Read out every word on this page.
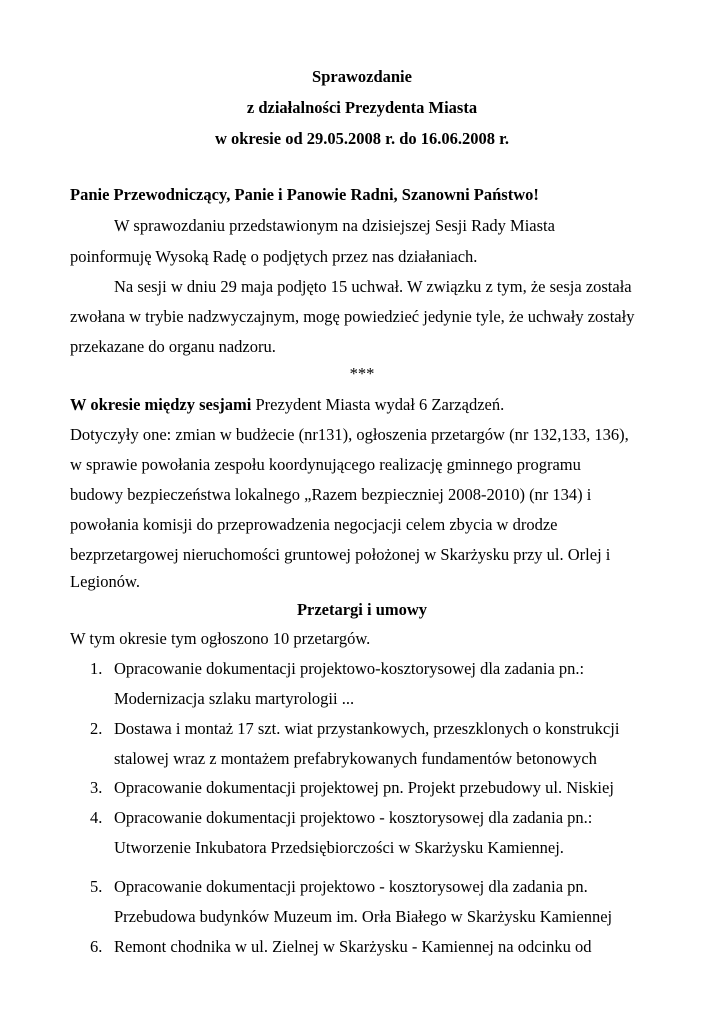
Sprawozdanie
z działalności Prezydenta Miasta
w okresie od 29.05.2008 r. do 16.06.2008 r.
Panie Przewodniczący, Panie i Panowie Radni, Szanowni Państwo!
W sprawozdaniu przedstawionym na dzisiejszej Sesji Rady Miasta
poinformuję Wysoką Radę o podjętych przez nas działaniach.
Na sesji w dniu 29 maja podjęto 15 uchwał. W związku z tym, że sesja została
zwołana w trybie nadzwyczajnym, mogę powiedzieć jedynie tyle, że uchwały zostały
przekazane do organu nadzoru.
***
W okresie między sesjami Prezydent Miasta wydał 6 Zarządzeń.
Dotyczyły one: zmian w budżecie (nr131), ogłoszenia przetargów (nr 132,133, 136),
w sprawie powołania zespołu koordynującego realizację gminnego programu
budowy bezpieczeństwa lokalnego „Razem bezpieczniej 2008-2010) (nr 134) i
powołania komisji do przeprowadzenia negocjacji celem zbycia w drodze
bezprzetargowej nieruchomości gruntowej położonej w Skarżysku przy ul. Orlej i
Legionów.
Przetargi i umowy
W tym okresie tym ogłoszono 10 przetargów.
1. Opracowanie dokumentacji projektowo-kosztorysowej dla zadania pn.:
Modernizacja szlaku martyrologii ...
2. Dostawa i montaż 17 szt. wiat przystankowych, przeszklonych o konstrukcji
stalowej wraz z montażem prefabrykowanych fundamentów betonowych
3. Opracowanie dokumentacji projektowej pn. Projekt przebudowy ul. Niskiej
4. Opracowanie dokumentacji projektowo - kosztorysowej dla zadania pn.:
Utworzenie Inkubatora Przedsiębiorczości w Skarżysku Kamiennej.
5. Opracowanie dokumentacji projektowo - kosztorysowej dla zadania pn.
Przebudowa budynków Muzeum im. Orła Białego w Skarżysku Kamiennej
6. Remont chodnika w ul. Zielnej w Skarżysku - Kamiennej na odcinku od
